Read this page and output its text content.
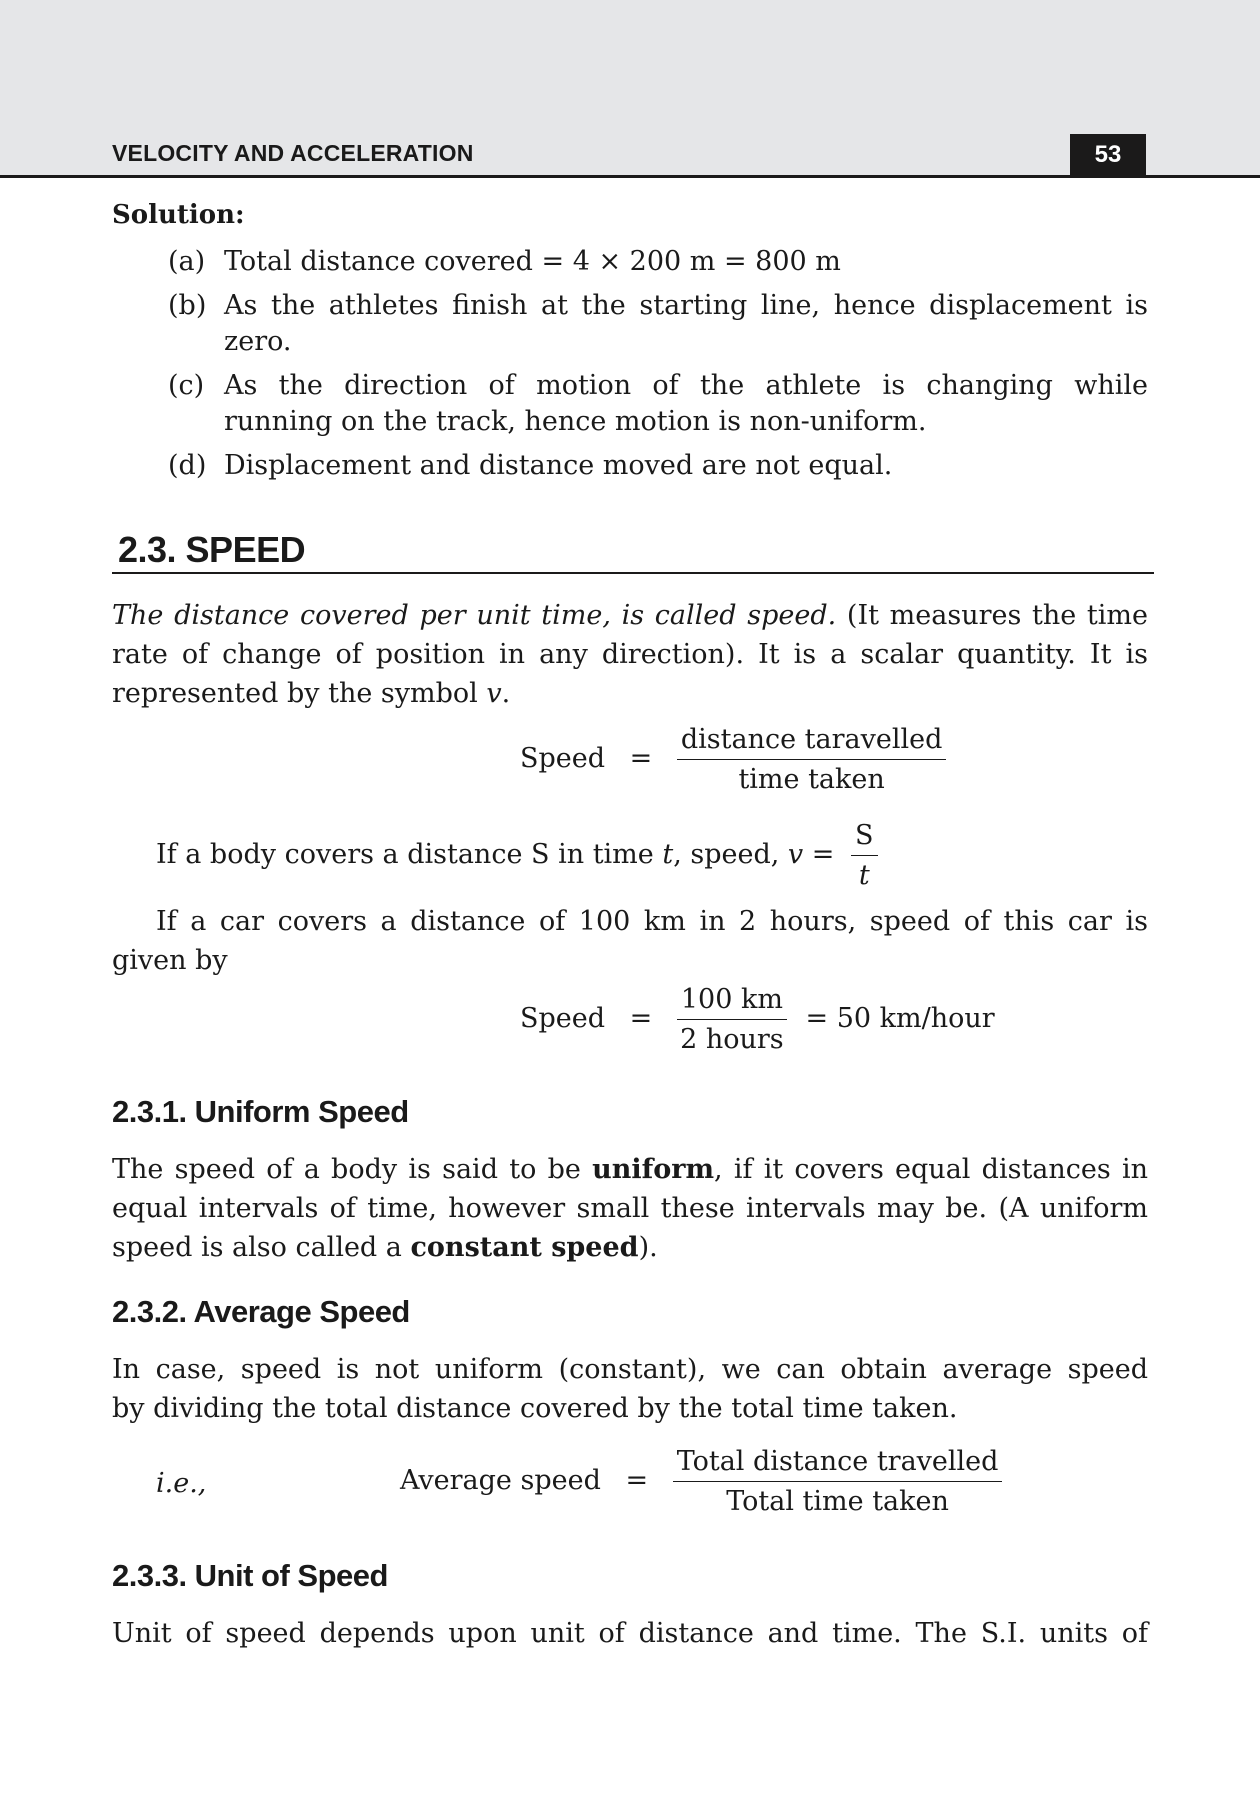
VELOCITY AND ACCELERATION	53
Solution:
(a) Total distance covered = 4 × 200 m = 800 m
(b) As the athletes finish at the starting line, hence displacement is
zero.
(c) As the direction of motion of the athlete is changing while
running on the track, hence motion is non-uniform.
(d) Displacement and distance moved are not equal.
2.3. SPEED
The distance covered per unit time, is called speed. (It measures the time
rate of change of position in any direction). It is a scalar quantity. It is
represented by the symbol v.
Speed = $\frac{\text{distance taravelled}}{\text{time taken}}$
If a body covers a distance S in time t, speed, $v = \frac{S}{t}$
If a car covers a distance of 100 km in 2 hours, speed of this car is
given by
Speed = $\frac{100 km}{\text{2 hours}} = 50$ km/hour
2.3.1. Uniform Speed
The speed of a body is said to be uniform, if it covers equal distances in
equal intervals of time, however small these intervals may be. (A uniform
speed is also called a constant speed).
2.3.2. Average Speed
In case, speed is not uniform (constant), we can obtain average speed
by dividing the total distance covered by the total time taken.
i.e.,	Average speed = $\frac{\text{Total distance travelled}}{\text{Total time taken}}$
2.3.3. Unit of Speed
Unit of speed depends upon unit of distance and time. The S.I. units of
